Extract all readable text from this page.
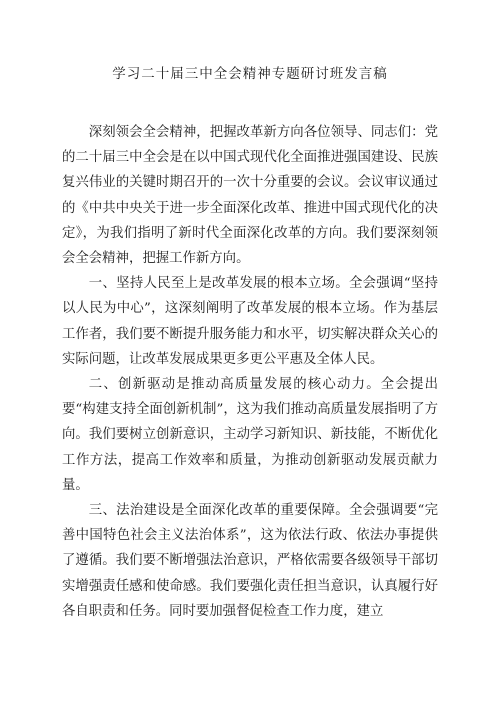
学习二十届三中全会精神专题研讨班发言稿

深刻领会全会精神，把握改革新方向各位领导、同志们：党的二十届三中全会是在以中国式现代化全面推进强国建设、民族复兴伟业的关键时期召开的一次十分重要的会议。会议审议通过的《中共中央关于进一步全面深化改革、推进中国式现代化的决定》，为我们指明了新时代全面深化改革的方向。我们要深刻领会全会精神，把握工作新方向。

一、坚持人民至上是改革发展的根本立场。全会强调“坚持以人民为中心”，这深刻阐明了改革发展的根本立场。作为基层工作者，我们要不断提升服务能力和水平，切实解决群众关心的实际问题，让改革发展成果更多更公平惠及全体人民。

二、创新驱动是推动高质量发展的核心动力。全会提出要“构建支持全面创新机制”，这为我们推动高质量发展指明了方向。我们要树立创新意识，主动学习新知识、新技能，不断优化工作方法，提高工作效率和质量，为推动创新驱动发展贡献力量。

三、法治建设是全面深化改革的重要保障。全会强调要“完善中国特色社会主义法治体系”，这为依法行政、依法办事提供了遵循。我们要不断增强法治意识，严格依需要各级领导干部切实增强责任感和使命感。我们要强化责任担当意识，认真履行好各自职责和任务。同时要加强督促检查工作力度，建立
